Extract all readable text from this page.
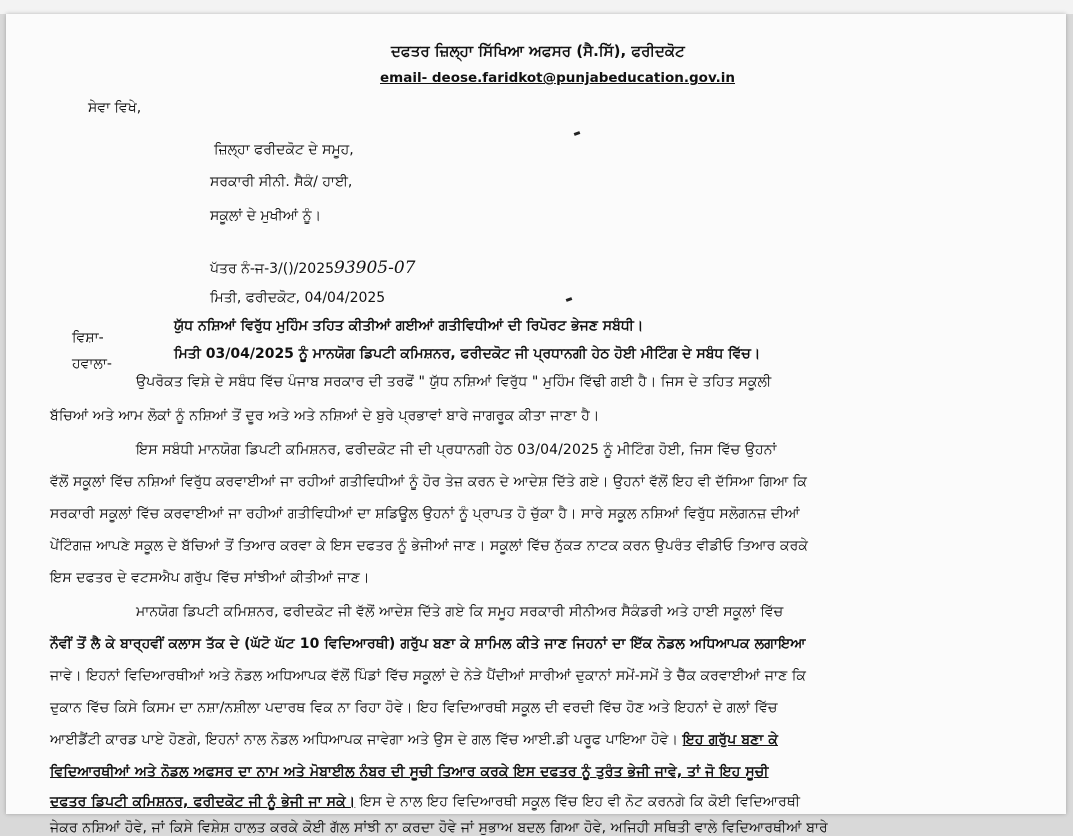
ਦਫਤਰ ਜ਼ਿਲ੍ਹਾ ਸਿੱਖਿਆ ਅਫਸਰ (ਸੈ.ਸਿੱ), ਫਰੀਦਕੋਟ
email- deose.faridkot@punjabeducation.gov.in
ਸੇਵਾ ਵਿਖੇ,
ਜ਼ਿਲ੍ਹਾ ਫਰੀਦਕੋਟ ਦੇ ਸਮੂਹ,
ਸਰਕਾਰੀ ਸੀਨੀ. ਸੈਕੰ/ ਹਾਈ,
ਸਕੂਲਾਂ ਦੇ ਮੁਖੀਆਂ ਨੂੰ।
ਪੱਤਰ ਨੰ-ਜ-3/()/202593905-07
ਮਿਤੀ, ਫਰੀਦਕੋਟ, 04/04/2025
ਵਿਸ਼ਾ-
ਯੁੱਧ ਨਸ਼ਿਆਂ ਵਿਰੁੱਧ ਮੁਹਿੰਮ ਤਹਿਤ ਕੀਤੀਆਂ ਗਈਆਂ ਗਤੀਵਿਧੀਆਂ ਦੀ ਰਿਪੋਰਟ ਭੇਜਣ ਸਬੰਧੀ।
ਹਵਾਲਾ-
ਮਿਤੀ 03/04/2025 ਨੂੰ ਮਾਨਯੋਗ ਡਿਪਟੀ ਕਮਿਸ਼ਨਰ, ਫਰੀਦਕੋਟ ਜੀ ਪ੍ਰਧਾਨਗੀ ਹੇਠ ਹੋਈ ਮੀਟਿੰਗ ਦੇ ਸਬੰਧ ਵਿੱਚ।
ਉਪਰੋਕਤ ਵਿਸ਼ੇ ਦੇ ਸਬੰਧ ਵਿੱਚ ਪੰਜਾਬ ਸਰਕਾਰ ਦੀ ਤਰਫੋਂ " ਯੁੱਧ ਨਸ਼ਿਆਂ ਵਿਰੁੱਧ " ਮੁਹਿੰਮ ਵਿੱਢੀ ਗਈ ਹੈ। ਜਿਸ ਦੇ ਤਹਿਤ ਸਕੂਲੀ
ਬੱਚਿਆਂ ਅਤੇ ਆਮ ਲੋਕਾਂ ਨੂੰ ਨਸ਼ਿਆਂ ਤੋਂ ਦੂਰ ਅਤੇ ਅਤੇ ਨਸ਼ਿਆਂ ਦੇ ਬੁਰੇ ਪ੍ਰਭਾਵਾਂ ਬਾਰੇ ਜਾਗਰੂਕ ਕੀਤਾ ਜਾਣਾ ਹੈ।
ਇਸ ਸਬੰਧੀ ਮਾਨਯੋਗ ਡਿਪਟੀ ਕਮਿਸ਼ਨਰ, ਫਰੀਦਕੋਟ ਜੀ ਦੀ ਪ੍ਰਧਾਨਗੀ ਹੇਠ 03/04/2025 ਨੂੰ ਮੀਟਿੰਗ ਹੋਈ, ਜਿਸ ਵਿੱਚ ਉਹਨਾਂ
ਵੱਲੋਂ ਸਕੂਲਾਂ ਵਿੱਚ ਨਸ਼ਿਆਂ ਵਿਰੁੱਧ ਕਰਵਾਈਆਂ ਜਾ ਰਹੀਆਂ ਗਤੀਵਿਧੀਆਂ ਨੂੰ ਹੋਰ ਤੇਜ਼ ਕਰਨ ਦੇ ਆਦੇਸ਼ ਦਿੱਤੇ ਗਏ। ਉਹਨਾਂ ਵੱਲੋਂ ਇਹ ਵੀ ਦੱਸਿਆ ਗਿਆ ਕਿ
ਸਰਕਾਰੀ ਸਕੂਲਾਂ ਵਿੱਚ ਕਰਵਾਈਆਂ ਜਾ ਰਹੀਆਂ ਗਤੀਵਿਧੀਆਂ ਦਾ ਸ਼ਡਿਊਲ ਉਹਨਾਂ ਨੂੰ ਪ੍ਰਾਪਤ ਹੋ ਚੁੱਕਾ ਹੈ। ਸਾਰੇ ਸਕੂਲ ਨਸ਼ਿਆਂ ਵਿਰੁੱਧ ਸਲੋਗਨਜ਼ ਦੀਆਂ
ਪੇਂਟਿੰਗਜ਼ ਆਪਣੇ ਸਕੂਲ ਦੇ ਬੱਚਿਆਂ ਤੋਂ ਤਿਆਰ ਕਰਵਾ ਕੇ ਇਸ ਦਫਤਰ ਨੂੰ ਭੇਜੀਆਂ ਜਾਣ। ਸਕੂਲਾਂ ਵਿੱਚ ਨੁੱਕੜ ਨਾਟਕ ਕਰਨ ਉਪਰੰਤ ਵੀਡੀਓ ਤਿਆਰ ਕਰਕੇ
ਇਸ ਦਫਤਰ ਦੇ ਵਟਸਐਪ ਗਰੁੱਪ ਵਿੱਚ ਸਾਂਝੀਆਂ ਕੀਤੀਆਂ ਜਾਣ।
ਮਾਨਯੋਗ ਡਿਪਟੀ ਕਮਿਸ਼ਨਰ, ਫਰੀਦਕੋਟ ਜੀ ਵੱਲੋਂ ਆਦੇਸ਼ ਦਿੱਤੇ ਗਏ ਕਿ ਸਮੂਹ ਸਰਕਾਰੀ ਸੀਨੀਅਰ ਸੈਕੰਡਰੀ ਅਤੇ ਹਾਈ ਸਕੂਲਾਂ ਵਿੱਚ
ਨੌਵੀਂ ਤੋਂ ਲੈ ਕੇ ਬਾਰ੍ਹਵੀਂ ਕਲਾਸ ਤੱਕ ਦੇ (ਘੱਟੋ ਘੱਟ 10 ਵਿਦਿਆਰਥੀ) ਗਰੁੱਪ ਬਣਾ ਕੇ ਸ਼ਾਮਿਲ ਕੀਤੇ ਜਾਣ ਜਿਹਨਾਂ ਦਾ ਇੱਕ ਨੋਡਲ ਅਧਿਆਪਕ ਲਗਾਇਆ
ਜਾਵੇ। ਇਹਨਾਂ ਵਿਦਿਆਰਥੀਆਂ ਅਤੇ ਨੋਡਲ ਅਧਿਆਪਕ ਵੱਲੋਂ ਪਿੰਡਾਂ ਵਿੱਚ ਸਕੂਲਾਂ ਦੇ ਨੇੜੇ ਪੈਂਦੀਆਂ ਸਾਰੀਆਂ ਦੁਕਾਨਾਂ ਸਮੇਂ-ਸਮੇਂ ਤੇ ਚੈੱਕ ਕਰਵਾਈਆਂ ਜਾਣ ਕਿ
ਦੁਕਾਨ ਵਿੱਚ ਕਿਸੇ ਕਿਸਮ ਦਾ ਨਸ਼ਾ/ਨਸ਼ੀਲਾ ਪਦਾਰਥ ਵਿਕ ਨਾ ਰਿਹਾ ਹੋਵੇ। ਇਹ ਵਿਦਿਆਰਥੀ ਸਕੂਲ ਦੀ ਵਰਦੀ ਵਿੱਚ ਹੋਣ ਅਤੇ ਇਹਨਾਂ ਦੇ ਗਲਾਂ ਵਿੱਚ
ਆਈਡੈਂਟੀ ਕਾਰਡ ਪਾਏ ਹੋਣਗੇ, ਇਹਨਾਂ ਨਾਲ ਨੋਡਲ ਅਧਿਆਪਕ ਜਾਵੇਗਾ ਅਤੇ ਉਸ ਦੇ ਗਲ ਵਿੱਚ ਆਈ.ਡੀ ਪਰੂਫ ਪਾਇਆ ਹੋਵੇ। ਇਹ ਗਰੁੱਪ ਬਣਾ ਕੇ
ਵਿਦਿਆਰਥੀਆਂ ਅਤੇ ਨੋਡਲ ਅਫਸਰ ਦਾ ਨਾਮ ਅਤੇ ਮੋਬਾਈਲ ਨੰਬਰ ਦੀ ਸੂਚੀ ਤਿਆਰ ਕਰਕੇ ਇਸ ਦਫਤਰ ਨੂੰ ਤੁਰੰਤ ਭੇਜੀ ਜਾਵੇ, ਤਾਂ ਜੋ ਇਹ ਸੂਚੀ
ਦਫਤਰ ਡਿਪਟੀ ਕਮਿਸ਼ਨਰ, ਫਰੀਦਕੋਟ ਜੀ ਨੂੰ ਭੇਜੀ ਜਾ ਸਕੇ। ਇਸ ਦੇ ਨਾਲ ਇਹ ਵਿਦਿਆਰਥੀ ਸਕੂਲ ਵਿੱਚ ਇਹ ਵੀ ਨੋਟ ਕਰਨਗੇ ਕਿ ਕੋਈ ਵਿਦਿਆਰਥੀ
ਜੇਕਰ ਨਸ਼ਿਆਂ ਹੋਵੇ, ਜਾਂ ਕਿਸੇ ਵਿਸ਼ੇਸ਼ ਹਾਲਤ ਕਰਕੇ ਕੋਈ ਗੱਲ ਸਾਂਝੀ ਨਾ ਕਰਦਾ ਹੋਵੇ ਜਾਂ ਸੁਭਾਅ ਬਦਲ ਗਿਆ ਹੋਵੇ, ਅਜਿਹੀ ਸਥਿਤੀ ਵਾਲੇ ਵਿਦਿਆਰਥੀਆਂ ਬਾਰੇ
